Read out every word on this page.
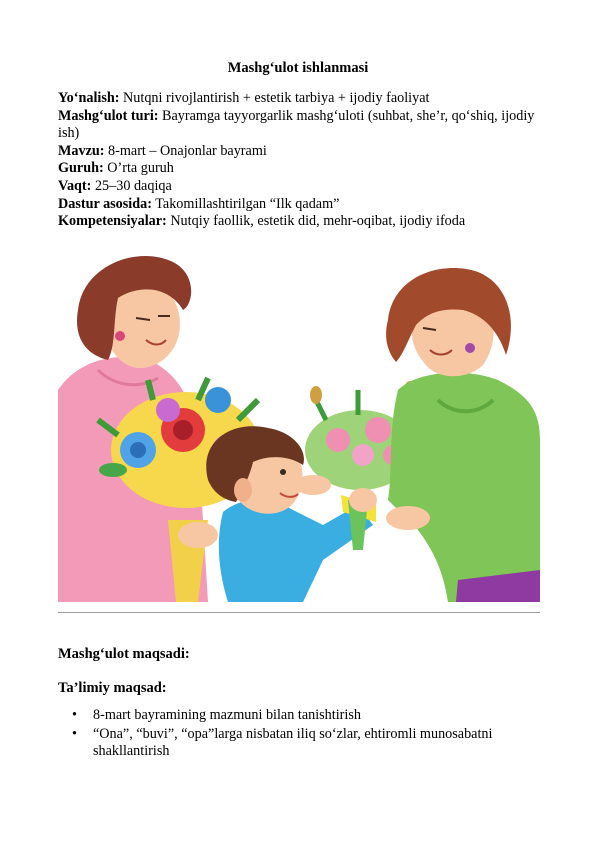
Mashg‘ulot ishlanmasi
Yo‘nalish: Nutqni rivojlantirish + estetik tarbiya + ijodiy faoliyat
Mashg‘ulot turi: Bayramga tayyorgarlik mashg‘uloti (suhbat, she’r, qo‘shiq, ijodiy ish)
Mavzu: 8-mart – Onajonlar bayrami
Guruh: O’rta guruh
Vaqt: 25–30 daqiqa
Dastur asosida: Takomillashtirilgan “Ilk qadam”
Kompetensiyalar: Nutqiy faollik, estetik did, mehr-oqibat, ijodiy ifoda
Mashg‘ulot maqsadi:
Ta’limiy maqsad:
• 8-mart bayramining mazmuni bilan tanishtirish
• “Ona”, “buvi”, “opa”larga nisbatan iliq so‘zlar, ehtiromli munosabatni shakllantirish
